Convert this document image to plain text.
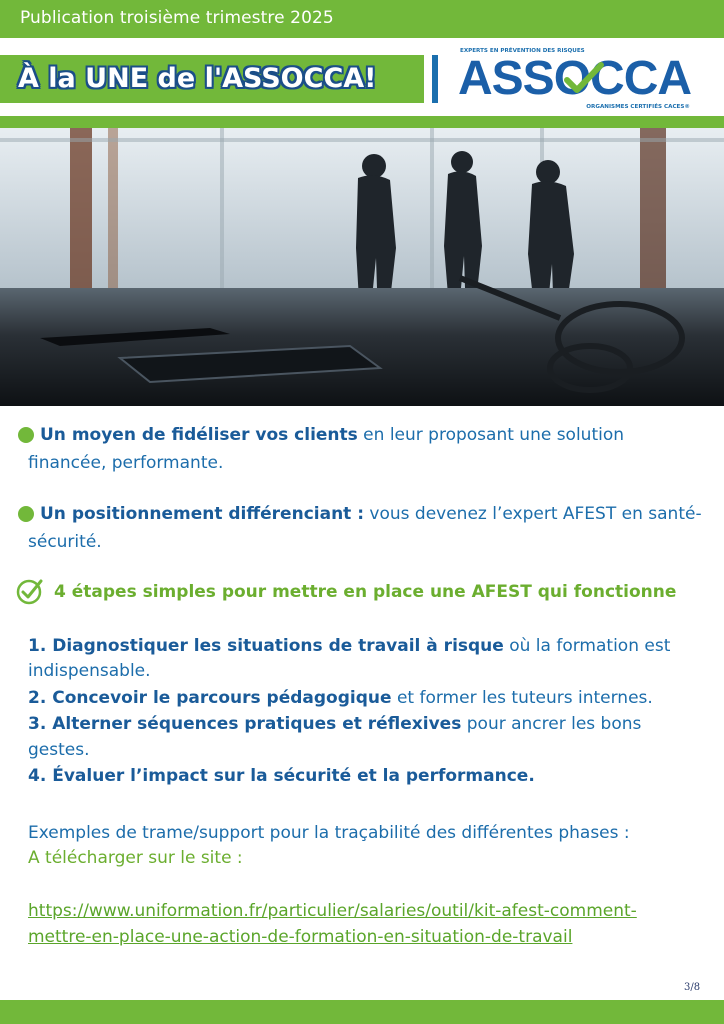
Publication troisième trimestre 2025
À la UNE de l'ASSOCCA!
EXPERTS EN PRÉVENTION DES RISQUES
ASSOCCA
ORGANISMES CERTIFIÉS CACES®
Un moyen de fidéliser vos clients en leur proposant une solution
financée, performante.
Un positionnement différenciant : vous devenez l’expert AFEST en santé-
sécurité.
4 étapes simples pour mettre en place une AFEST qui fonctionne
1. Diagnostiquer les situations de travail à risque où la formation est
indispensable.
2. Concevoir le parcours pédagogique et former les tuteurs internes.
3. Alterner séquences pratiques et réflexives pour ancrer les bons
gestes.
4. Évaluer l’impact sur la sécurité et la performance.
Exemples de trame/support pour la traçabilité des différentes phases :
A télécharger sur le site :
https://www.uniformation.fr/particulier/salaries/outil/kit-afest-comment-
mettre-en-place-une-action-de-formation-en-situation-de-travail
3/8
